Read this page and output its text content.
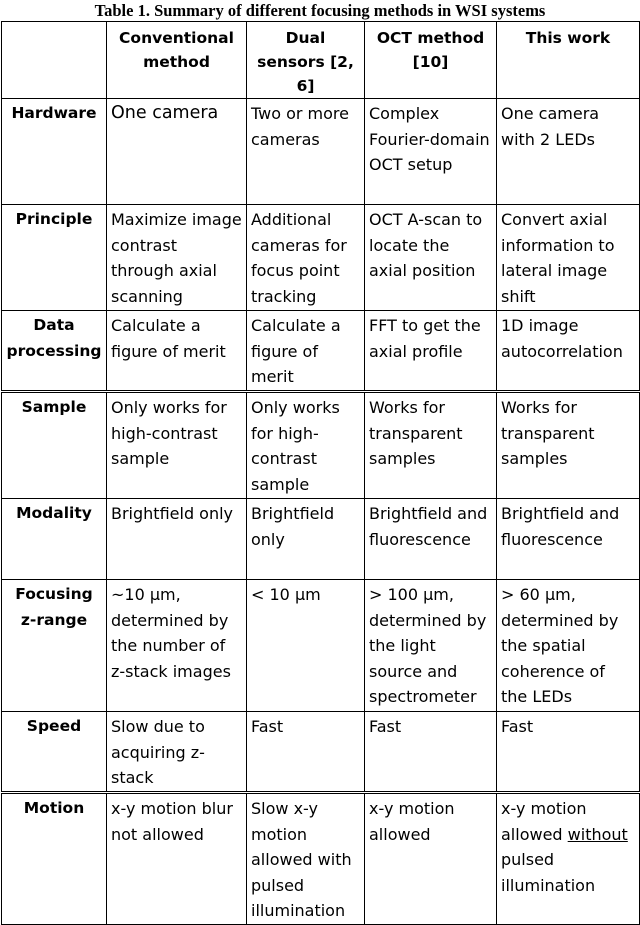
Table 1. Summary of different focusing methods in WSI systems
	Conventional method	Dual sensors [2, 6]	OCT method [10]	This work
Hardware	One camera	Two or more cameras	Complex Fourier-domain OCT setup	One camera with 2 LEDs
Principle	Maximize image contrast through axial scanning	Additional cameras for focus point tracking	OCT A-scan to locate the axial position	Convert axial information to lateral image shift
Data processing	Calculate a figure of merit	Calculate a figure of merit	FFT to get the axial profile	1D image autocorrelation
Sample	Only works for high-contrast sample	Only works for high-contrast sample	Works for transparent samples	Works for transparent samples
Modality	Brightfield only	Brightfield only	Brightfield and fluorescence	Brightfield and fluorescence
Focusing z-range	~10 μm, determined by the number of z-stack images	< 10 μm	> 100 μm, determined by the light source and spectrometer	> 60 μm, determined by the spatial coherence of the LEDs
Speed	Slow due to acquiring z-stack	Fast	Fast	Fast
Motion	x-y motion blur not allowed	Slow x-y motion allowed with pulsed illumination	x-y motion allowed	x-y motion allowed without pulsed illumination
